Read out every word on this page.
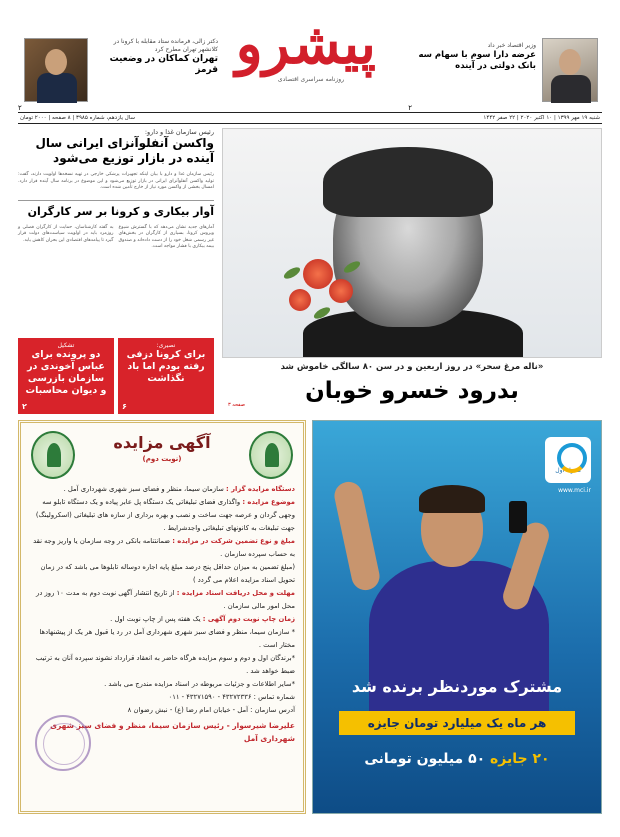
دکتر زالی، فرمانده ستاد مقابله با کرونا در کلانشهر تهران مطرح کرد
تهران کماکان در وضعیت قرمز
۲
پیشرو
روزنامه سراسری اقتصادی
وزیر اقتصاد خبر داد
عرضه دارا سوم با سهام سه بانک دولتی در آینده
۲
شنبه ۱۹ مهر ۱۳۹۹ | ۱۰ اکتبر ۲۰۲۰ | ۲۲ صفر ۱۴۴۲
سال یازدهم، شماره ۳۹۸۵ | ۸ صفحه | ۲۰۰۰ تومان
رئیس سازمان غذا و دارو:
واکسن آنفلوآنزای ایرانی سال آینده در بازار توزیع می‌شود
رئیس سازمان غذا و دارو با بیان اینکه تجهیزات پزشکی خارجی در تهیه نسخه‌ها اولویت دارند، گفت: تولید واکسن آنفلوآنزای ایرانی در بازار توزیع می‌شود و این موضوع در برنامه سال آینده قرار دارد. امسال بخشی از واکسن مورد نیاز از خارج تأمین شده است.
آوار بیکاری و کرونا بر سر کارگران
آمارهای جدید نشان می‌دهد که با گسترش شیوع ویروس کرونا، بسیاری از کارگران در بخش‌های غیر رسمی شغل خود را از دست داده‌اند و صندوق بیمه بیکاری با فشار مواجه است.
به گفته کارشناسان، حمایت از کارگران فصلی و روزمزد باید در اولویت سیاست‌های دولت قرار گیرد تا پیامدهای اقتصادی این بحران کاهش یابد.
نصیری:
برای کرونا دزفی رفته بودم اما باد نگذاشت
۶
تشکیل
دو پرونده برای عباس آخوندی در سازمان بازرسی و دیوان محاسبات
۲
«ناله مرغ سحر» در روز اربعین و در سن ۸۰ سالگی خاموش شد
بدرود خسرو خوبان
صفحه ۳
آگهی مزایده
(نوبت دوم)
دستگاه مزایده گزار : سازمان سیما، منظر و فضای سبز شهری شهرداری آمل .
موضوع مزایده : واگذاری فضای تبلیغاتی یک دستگاه پل عابر پیاده و یک دستگاه تابلو سه وجهی گردان و عرصه جهت ساخت و نصب و بهره برداری از سازه های تبلیغاتی (اسکرولینگ) جهت تبلیغات به کانونهای تبلیغاتی واجدشرایط .
مبلغ و نوع تضمین شرکت در مزایده : ضمانتنامه بانکی در وجه سازمان یا واریز وجه نقد به حساب سپرده سازمان .
(مبلغ تضمین به میزان حداقل پنج درصد مبلغ پایه اجاره دوساله تابلوها می باشد که در زمان تحویل اسناد مزایده اعلام می گردد )
مهلت و محل دریافت اسناد مزایده : از تاریخ انتشار آگهی نوبت دوم به مدت ۱۰ روز در محل امور مالی سازمان .
زمان چاپ نوبت دوم آگهی : یک هفته پس از چاپ نوبت اول .
* سازمان سیما، منظر و فضای سبز شهری شهرداری آمل در رد یا قبول هر یک از پیشنهادها مختار است .
*برندگان اول و دوم و سوم مزایده هرگاه حاضر به انعقاد قرارداد نشوند سپرده آنان به ترتیب ضبط خواهد شد .
*سایر اطلاعات و جزئیات مربوطه در اسناد مزایده مندرج می باشد .
شماره تماس : ۴۳۲۷۲۳۳۶ - ۴۳۲۷۱۵۹۰ - ۰۱۱
آدرس سازمان : آمل - خیابان امام رضا (ع) - نبش رضوان ۸
علیرضا شیرسوار - رئیس سازمان سیما، منظر و فضای سبز شهری شهرداری آمل
همراه اول
www.mci.ir
مشترک موردنظر برنده شد
هر ماه یک میلیارد تومان جایزه
۲۰ جایزه ۵۰ میلیون تومانی
